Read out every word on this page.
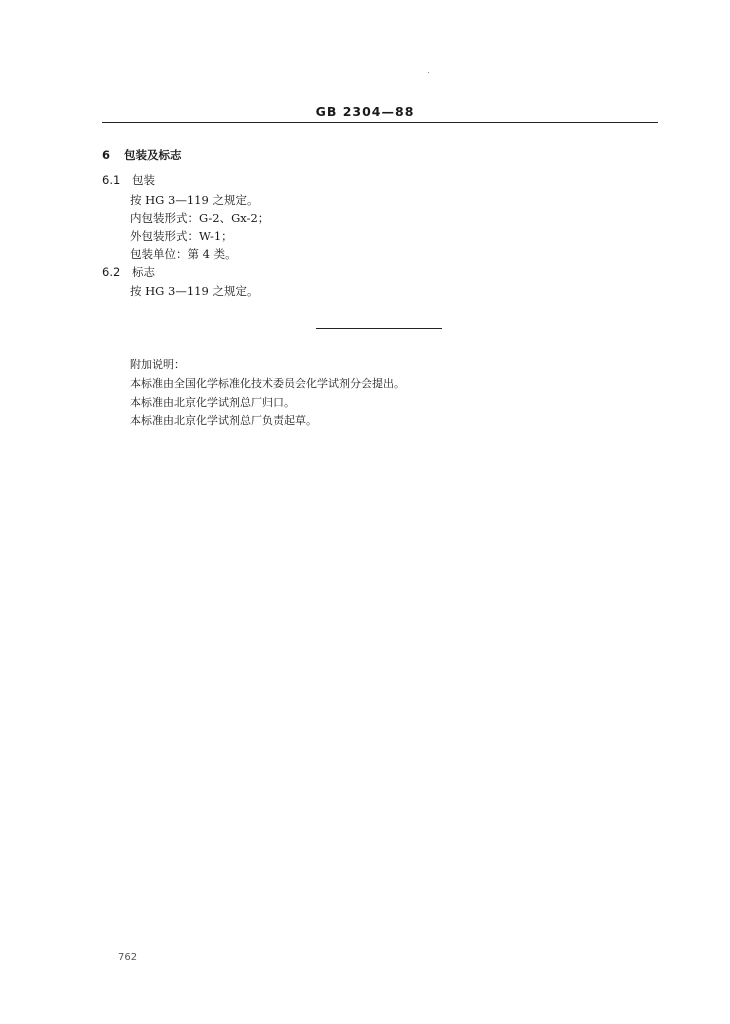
GB 2304—88
6 包装及标志
6.1 包装
按 HG 3—119 之规定。
内包装形式：G-2、Gx-2；
外包装形式：W-1；
包装单位：第 4 类。
6.2 标志
按 HG 3—119 之规定。
附加说明：
本标准由全国化学标准化技术委员会化学试剂分会提出。
本标准由北京化学试剂总厂归口。
本标准由北京化学试剂总厂负责起草。
762
